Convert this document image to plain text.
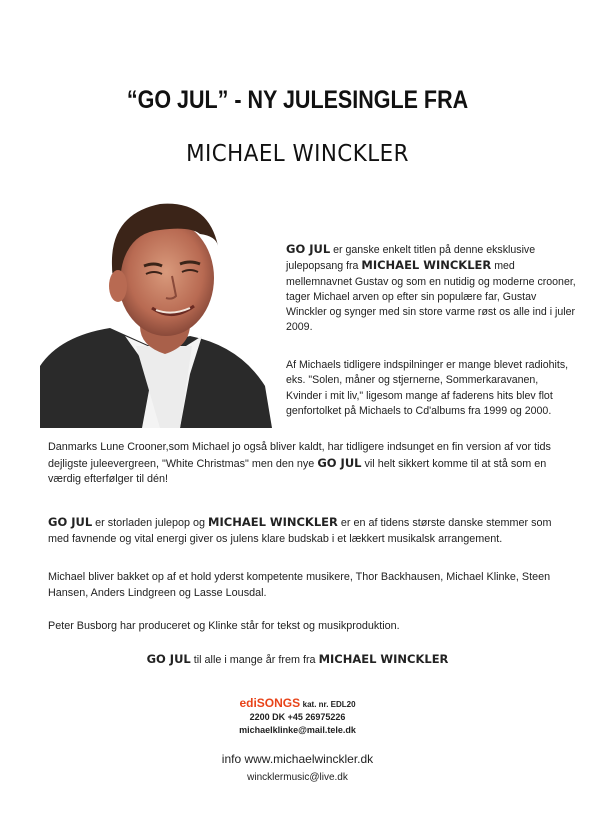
“GO JUL” - NY JULESINGLE FRA
MICHAEL WINCKLER
GO JUL er ganske enkelt titlen på denne eksklusive julepopsang fra MICHAEL WINCKLER med mellemnavnet Gustav og som en nutidig og moderne crooner, tager Michael arven op efter sin populære far, Gustav Winckler og synger med sin store varme røst os alle ind i juler 2009.
Af Michaels tidligere indspilninger er mange blevet radiohits, eks. "Solen, måner og stjernerne, Sommerkaravanen, Kvinder i mit liv," ligesom mange af faderens hits blev flot genfortolket på Michaels to Cd'albums fra 1999 og 2000.
Danmarks Lune Crooner,som Michael jo også bliver kaldt, har tidligere indsunget en fin version af vor tids dejligste juleevergreen, "White Christmas" men den nye GO JUL vil helt sikkert komme til at stå som en værdig efterfølger til dén!
GO JUL er storladen julepop og MICHAEL WINCKLER er en af tidens største danske stemmer som med favnende og vital energi giver os julens klare budskab i et lækkert musikalsk arrangement.
Michael bliver bakket op af et hold yderst kompetente musikere, Thor Backhausen, Michael Klinke, Steen Hansen, Anders Lindgreen og Lasse Lousdal.
Peter Busborg har produceret og Klinke står for tekst og musikproduktion.
GO JUL til alle i mange år frem fra MICHAEL WINCKLER
ediSONGS kat. nr. EDL20
2200 DK +45 26975226
michaelklinke@mail.tele.dk
info www.michaelwinckler.dk
wincklermusic@live.dk
